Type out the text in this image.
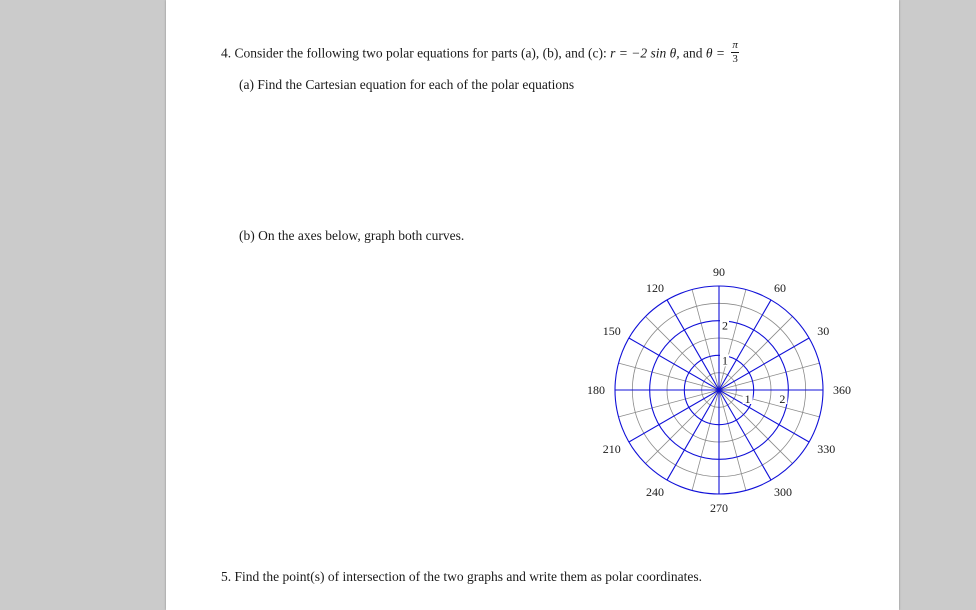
4. Consider the following two polar equations for parts (a), (b), and (c): r = −2 sin θ, and $\theta = \frac{\pi}{3}$
(a) Find the Cartesian equation for each of the polar equations
(b) On the axes below, graph both curves.
5. Find the point(s) of intersection of the two graphs and write them as polar coordinates.
360
30
60
90
120
150
180
210
240
270
300
330
1
1
2
2
